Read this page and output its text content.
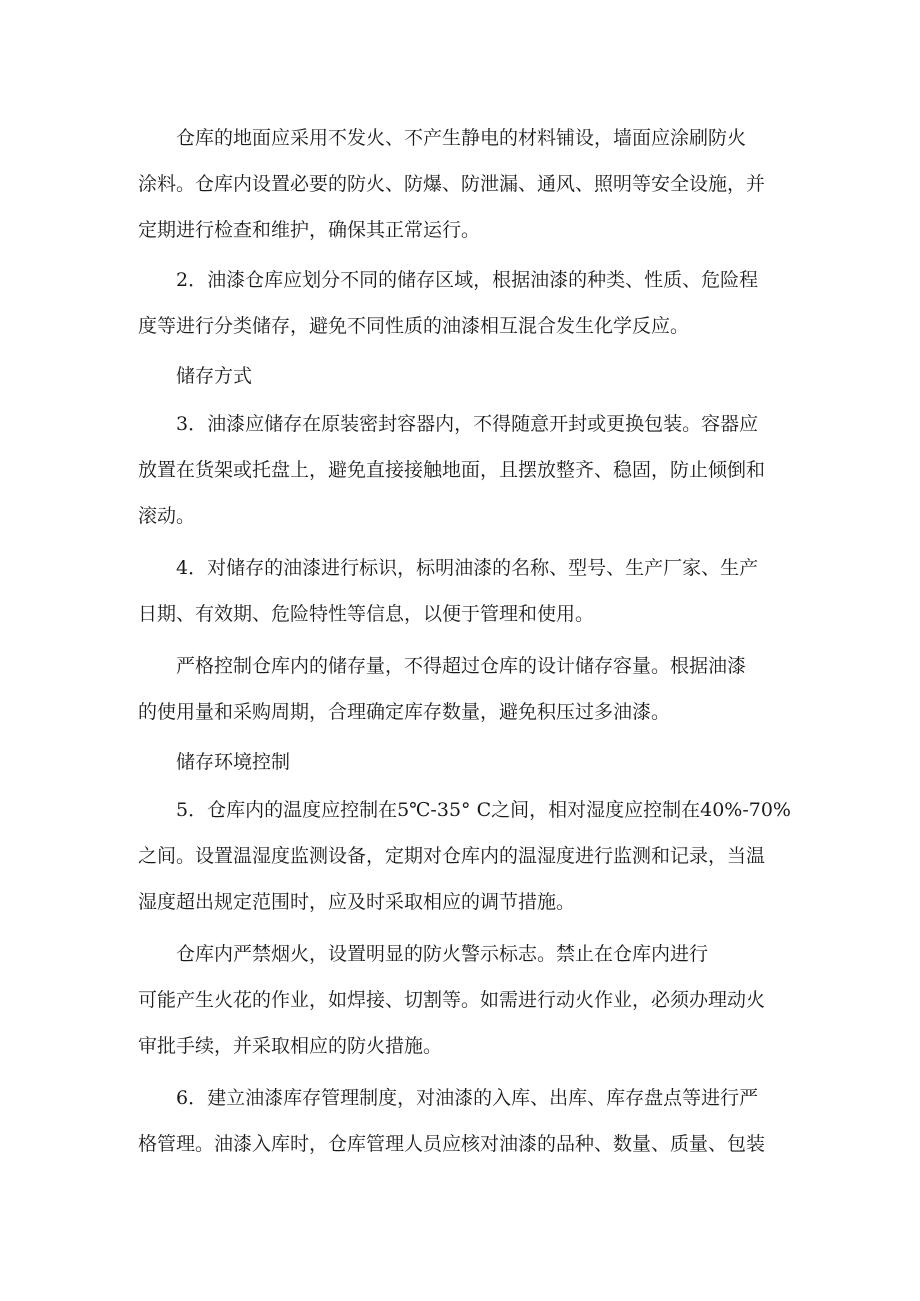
仓库的地面应采用不发火、不产生静电的材料铺设，墙面应涂刷防火
涂料。仓库内设置必要的防火、防爆、防泄漏、通风、照明等安全设施，并
定期进行检查和维护，确保其正常运行。
2．油漆仓库应划分不同的储存区域，根据油漆的种类、性质、危险程
度等进行分类储存，避免不同性质的油漆相互混合发生化学反应。
储存方式
3．油漆应储存在原装密封容器内，不得随意开封或更换包装。容器应
放置在货架或托盘上，避免直接接触地面，且摆放整齐、稳固，防止倾倒和
滚动。
4．对储存的油漆进行标识，标明油漆的名称、型号、生产厂家、生产
日期、有效期、危险特性等信息，以便于管理和使用。
严格控制仓库内的储存量，不得超过仓库的设计储存容量。根据油漆
的使用量和采购周期，合理确定库存数量，避免积压过多油漆。
储存环境控制
5．仓库内的温度应控制在5℃-35° C之间，相对湿度应控制在40%-70%
之间。设置温湿度监测设备，定期对仓库内的温湿度进行监测和记录，当温
湿度超出规定范围时，应及时采取相应的调节措施。
仓库内严禁烟火，设置明显的防火警示标志。禁止在仓库内进行
可能产生火花的作业，如焊接、切割等。如需进行动火作业，必须办理动火
审批手续，并采取相应的防火措施。
6．建立油漆库存管理制度，对油漆的入库、出库、库存盘点等进行严
格管理。油漆入库时，仓库管理人员应核对油漆的品种、数量、质量、包装
